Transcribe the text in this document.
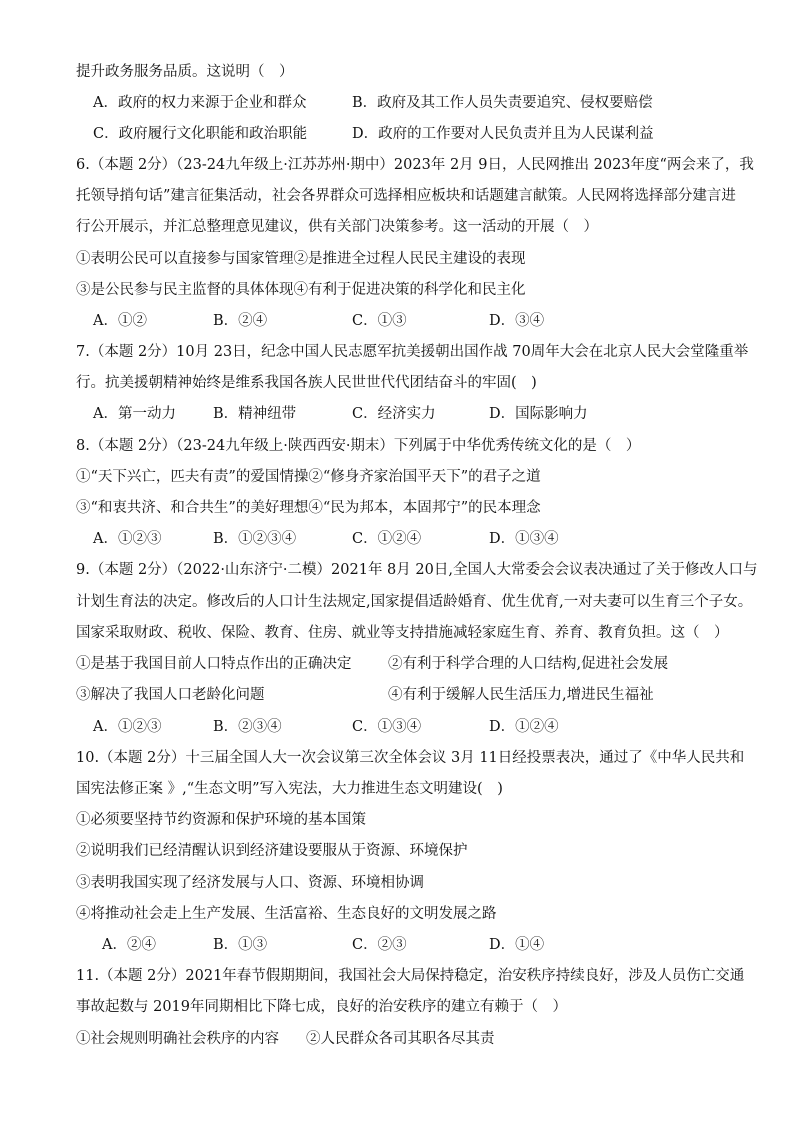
提升政务服务品质。这说明（　）
A．政府的权力来源于企业和群众	B．政府及其工作人员失责要追究、侵权要赔偿
C．政府履行文化职能和政治职能	D．政府的工作要对人民负责并且为人民谋利益
6.（本题 2分）（23-24九年级上·江苏苏州·期中）2023年 2月 9日，人民网推出 2023年度“两会来了，我
托领导捎句话”建言征集活动，社会各界群众可选择相应板块和话题建言献策。人民网将选择部分建言进
行公开展示，并汇总整理意见建议，供有关部门决策参考。这一活动的开展（　）
①表明公民可以直接参与国家管理②是推进全过程人民民主建设的表现
③是公民参与民主监督的具体体现④有利于促进决策的科学化和民主化
A．①②	B．②④	C．①③	D．③④
7.（本题 2分）10月 23日，纪念中国人民志愿军抗美援朝出国作战 70周年大会在北京人民大会堂隆重举
行。抗美援朝精神始终是维系我国各族人民世世代代团结奋斗的牢固(　)
A．第一动力	B．精神纽带	C．经济实力	D．国际影响力
8.（本题 2分）（23-24九年级上·陕西西安·期末）下列属于中华优秀传统文化的是（　）
①“天下兴亡，匹夫有责”的爱国情操②“修身齐家治国平天下”的君子之道
③“和衷共济、和合共生”的美好理想④“民为邦本，本固邦宁”的民本理念
A．①②③	B．①②③④	C．①②④	D．①③④
9.（本题 2分）（2022·山东济宁·二模）2021年 8月 20日,全国人大常委会会议表决通过了关于修改人口与
计划生育法的决定。修改后的人口计生法规定,国家提倡适龄婚育、优生优育,一对夫妻可以生育三个子女。
国家采取财政、税收、保险、教育、住房、就业等支持措施减轻家庭生育、养育、教育负担。这（　）
①是基于我国目前人口特点作出的正确决定	②有利于科学合理的人口结构,促进社会发展
③解决了我国人口老龄化问题	④有利于缓解人民生活压力,增进民生福祉
A．①②③	B．②③④	C．①③④	D．①②④
10.（本题 2分）十三届全国人大一次会议第三次全体会议 3月 11日经投票表决，通过了《中华人民共和
国宪法修正案 》,“生态文明”写入宪法，大力推进生态文明建设(　)
①必须要坚持节约资源和保护环境的基本国策
②说明我们已经清醒认识到经济建设要服从于资源、环境保护
③表明我国实现了经济发展与人口、资源、环境相协调
④将推动社会走上生产发展、生活富裕、生态良好的文明发展之路
A．②④	B．①③	C．②③	D．①④
11.（本题 2分）2021年春节假期期间，我国社会大局保持稳定，治安秩序持续良好，涉及人员伤亡交通
事故起数与 2019年同期相比下降七成，良好的治安秩序的建立有赖于（　）
①社会规则明确社会秩序的内容 ②人民群众各司其职各尽其责
